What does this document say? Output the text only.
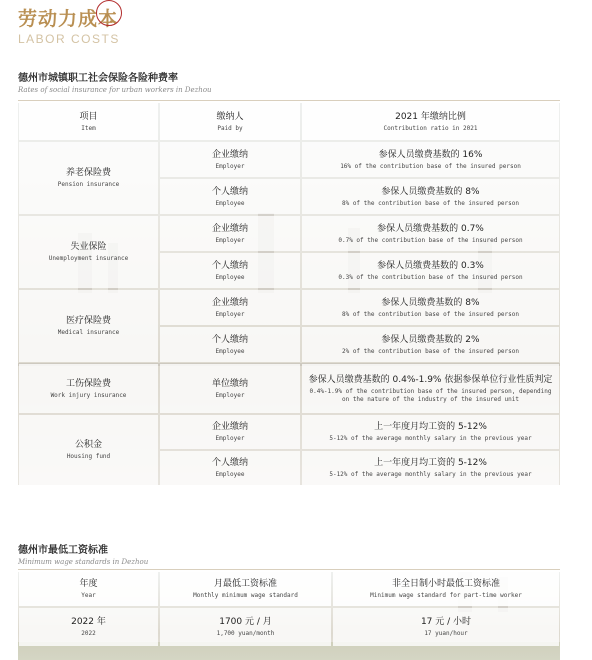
劳动力成本
LABOR COSTS
德州市城镇职工社会保险各险种费率
Rates of social insurance for urban workers in Dezhou
项目
Item
缴纳人
Paid by
2021 年缴纳比例
Contribution ratio in 2021
养老保险费
Pension insurance
企业缴纳
Employer
参保人员缴费基数的 16%
16% of the contribution base of the insured person
个人缴纳
Employee
参保人员缴费基数的 8%
8% of the contribution base of the insured person
失业保险
Unemployment insurance
企业缴纳
Employer
参保人员缴费基数的 0.7%
0.7% of the contribution base of the insured person
个人缴纳
Employee
参保人员缴费基数的 0.3%
0.3% of the contribution base of the insured person
医疗保险费
Medical insurance
企业缴纳
Employer
参保人员缴费基数的 8%
8% of the contribution base of the insured person
个人缴纳
Employee
参保人员缴费基数的 2%
2% of the contribution base of the insured person
工伤保险费
Work injury insurance
单位缴纳
Employer
参保人员缴费基数的 0.4%-1.9% 依据参保单位行业性质判定
0.4%-1.9% of the contribution base of the insured person, depending on the nature of the industry of the insured unit
公积金
Housing fund
企业缴纳
Employer
上一年度月均工资的 5-12%
5-12% of the average monthly salary in the previous year
个人缴纳
Employee
上一年度月均工资的 5-12%
5-12% of the average monthly salary in the previous year
德州市最低工资标准
Minimum wage standards in Dezhou
年度
Year
月最低工资标准
Monthly minimum wage standard
非全日制小时最低工资标准
Minimum wage standard for part-time worker
2022 年
2022
1700 元 / 月
1,700 yuan/month
17 元 / 小时
17 yuan/hour
